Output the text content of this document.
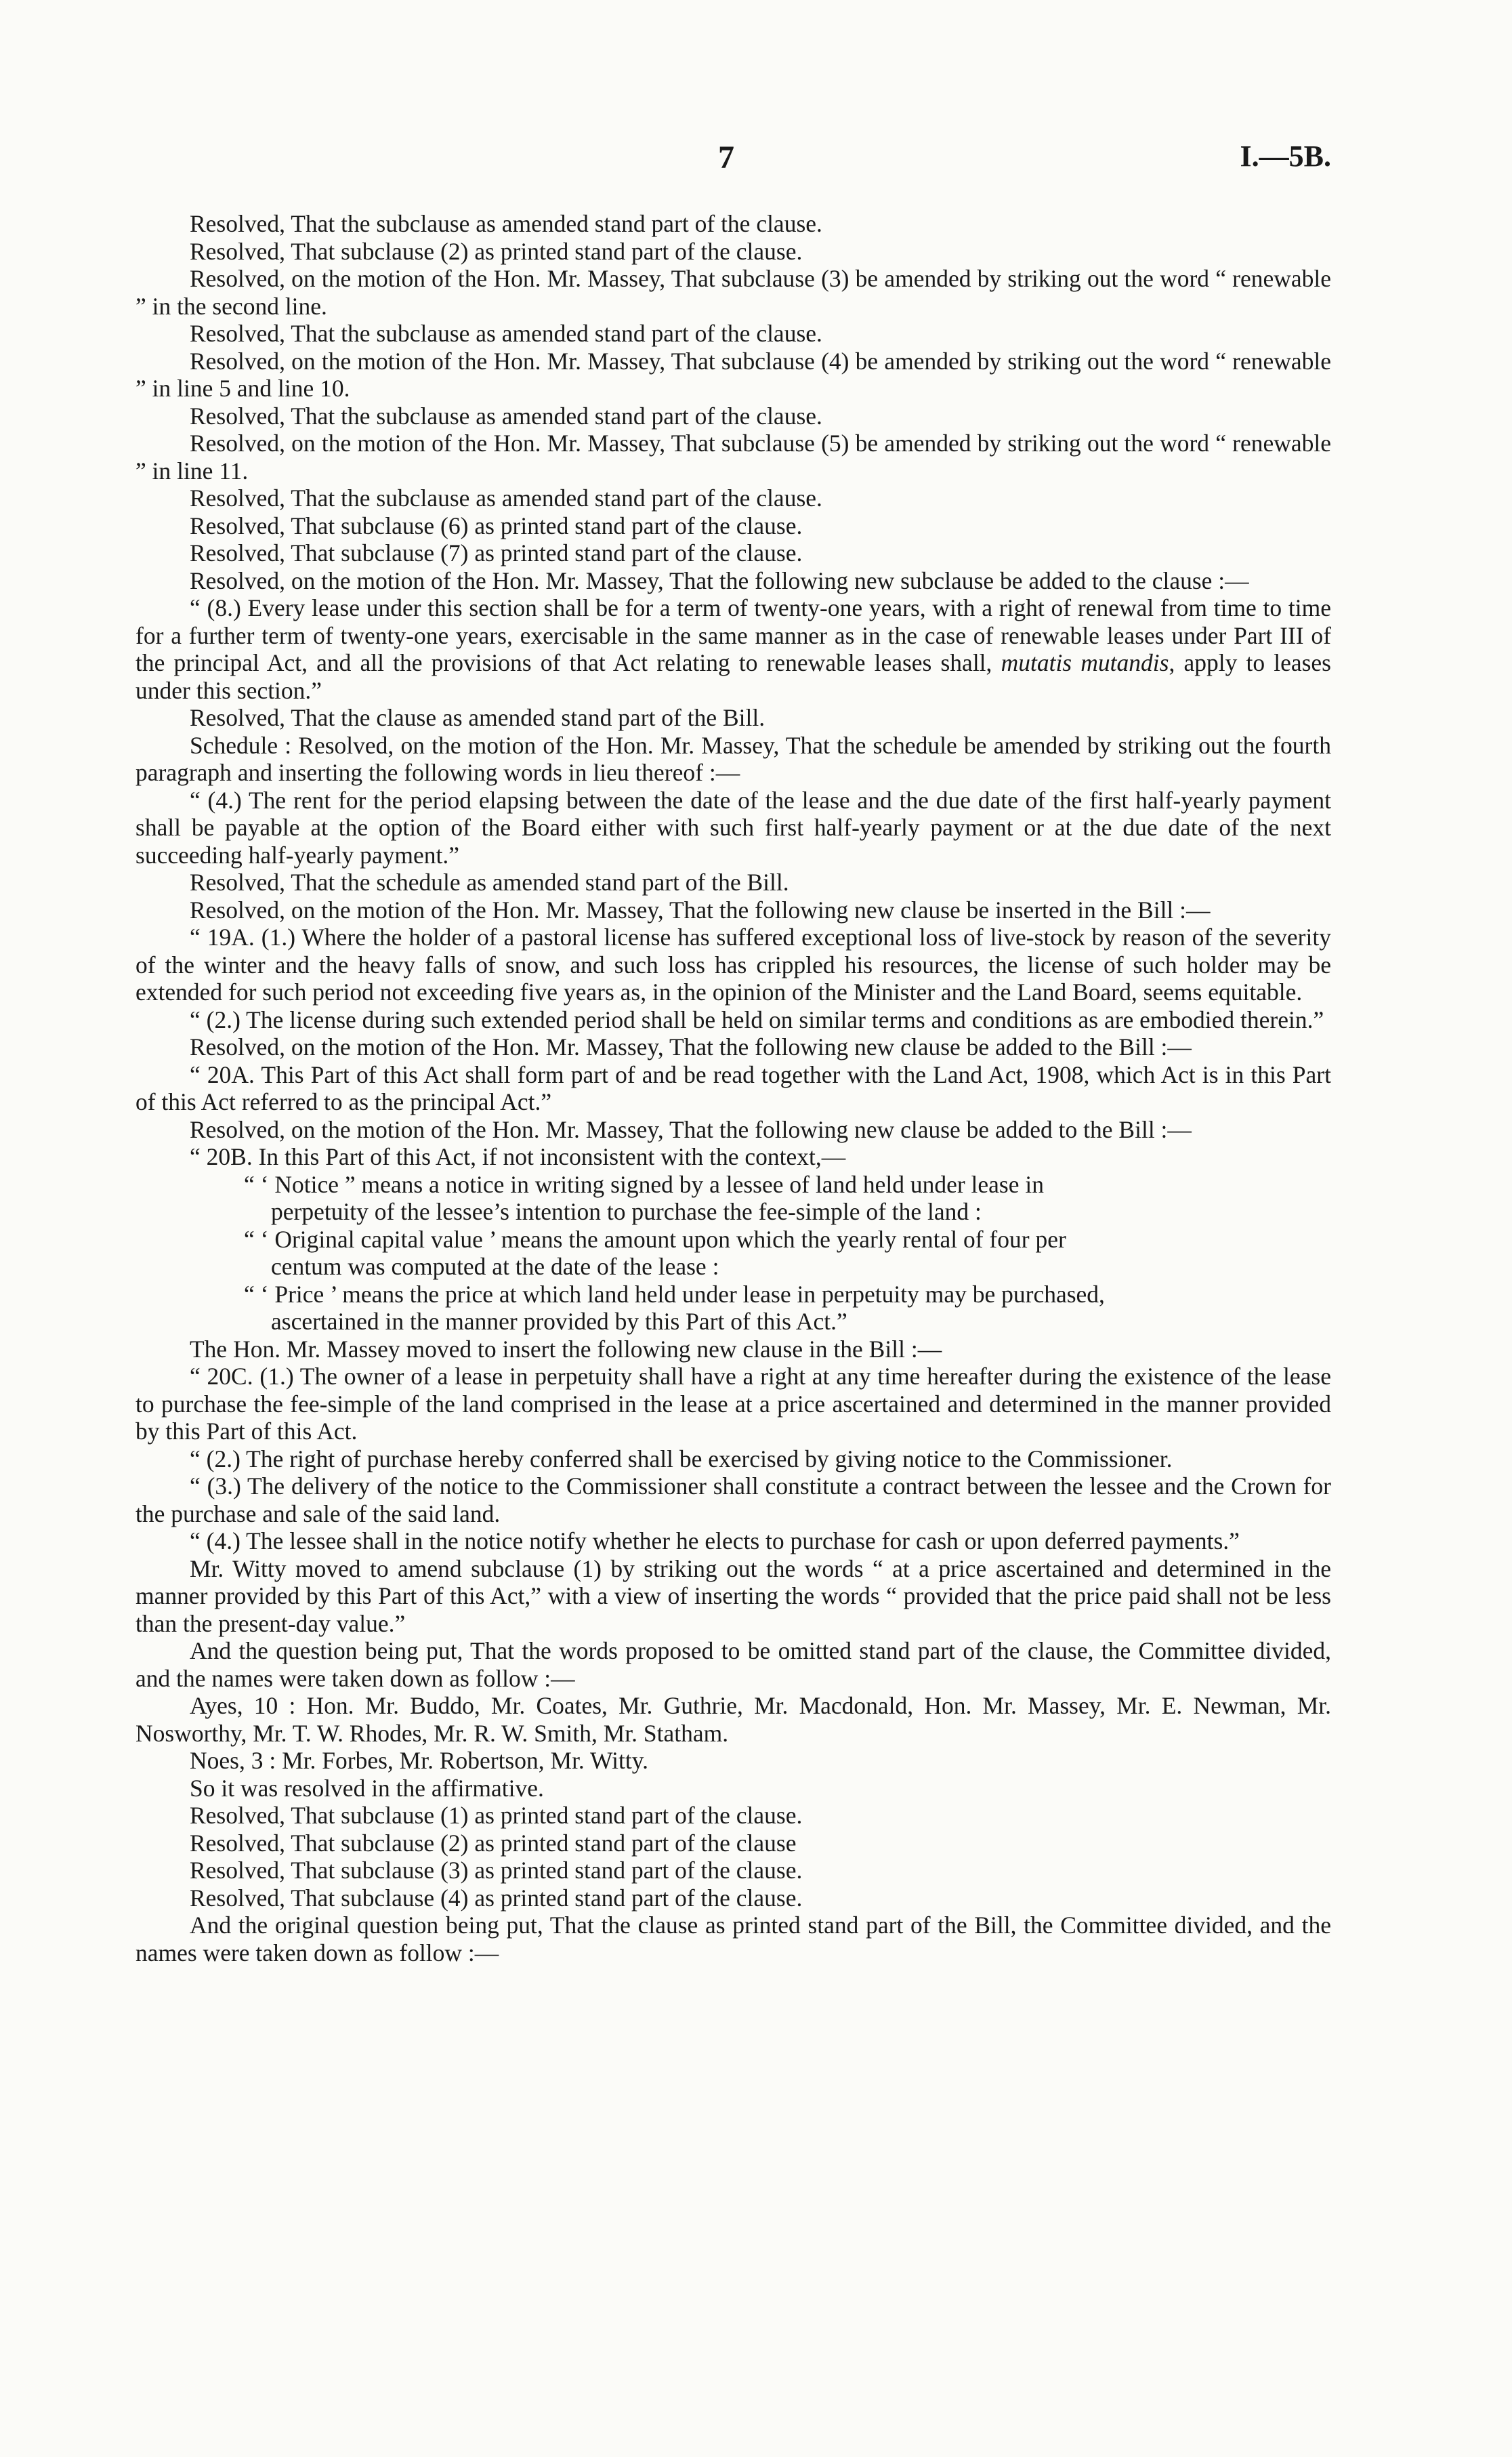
7	I.—5B.

Resolved, That the subclause as amended stand part of the clause.

Resolved, That subclause (2) as printed stand part of the clause.

Resolved, on the motion of the Hon. Mr. Massey, That subclause (3) be amended by striking out the word “ renewable ” in the second line.

Resolved, That the subclause as amended stand part of the clause.

Resolved, on the motion of the Hon. Mr. Massey, That subclause (4) be amended by striking out the word “ renewable ” in line 5 and line 10.

Resolved, That the subclause as amended stand part of the clause.

Resolved, on the motion of the Hon. Mr. Massey, That subclause (5) be amended by striking out the word “ renewable ” in line 11.

Resolved, That the subclause as amended stand part of the clause.

Resolved, That subclause (6) as printed stand part of the clause.

Resolved, That subclause (7) as printed stand part of the clause.

Resolved, on the motion of the Hon. Mr. Massey, That the following new subclause be added to the clause :—

“ (8.) Every lease under this section shall be for a term of twenty-one years, with a right of renewal from time to time for a further term of twenty-one years, exercisable in the same manner as in the case of renewable leases under Part III of the principal Act, and all the provisions of that Act relating to renewable leases shall, mutatis mutandis, apply to leases under this section.”

Resolved, That the clause as amended stand part of the Bill.

Schedule : Resolved, on the motion of the Hon. Mr. Massey, That the schedule be amended by striking out the fourth paragraph and inserting the following words in lieu thereof :—

“ (4.) The rent for the period elapsing between the date of the lease and the due date of the first half-yearly payment shall be payable at the option of the Board either with such first half-yearly payment or at the due date of the next succeeding half-yearly payment.”

Resolved, That the schedule as amended stand part of the Bill.

Resolved, on the motion of the Hon. Mr. Massey, That the following new clause be inserted in the Bill :—

“ 19A. (1.) Where the holder of a pastoral license has suffered exceptional loss of live-stock by reason of the severity of the winter and the heavy falls of snow, and such loss has crippled his resources, the license of such holder may be extended for such period not exceeding five years as, in the opinion of the Minister and the Land Board, seems equitable.

“ (2.) The license during such extended period shall be held on similar terms and conditions as are embodied therein.”

Resolved, on the motion of the Hon. Mr. Massey, That the following new clause be added to the Bill :—

“ 20A. This Part of this Act shall form part of and be read together with the Land Act, 1908, which Act is in this Part of this Act referred to as the principal Act.”

Resolved, on the motion of the Hon. Mr. Massey, That the following new clause be added to the Bill :—

“ 20B. In this Part of this Act, if not inconsistent with the context,—

“ ‘ Notice ” means a notice in writing signed by a lessee of land held under lease in

perpetuity of the lessee’s intention to purchase the fee-simple of the land :

“ ‘ Original capital value ’ means the amount upon which the yearly rental of four per

centum was computed at the date of the lease :

“ ‘ Price ’ means the price at which land held under lease in perpetuity may be purchased,

ascertained in the manner provided by this Part of this Act.”

The Hon. Mr. Massey moved to insert the following new clause in the Bill :—

“ 20C. (1.) The owner of a lease in perpetuity shall have a right at any time hereafter during the existence of the lease to purchase the fee-simple of the land comprised in the lease at a price ascertained and determined in the manner provided by this Part of this Act.

“ (2.) The right of purchase hereby conferred shall be exercised by giving notice to the Commissioner.

“ (3.) The delivery of the notice to the Commissioner shall constitute a contract between the lessee and the Crown for the purchase and sale of the said land.

“ (4.) The lessee shall in the notice notify whether he elects to purchase for cash or upon deferred payments.”

Mr. Witty moved to amend subclause (1) by striking out the words “ at a price ascertained and determined in the manner provided by this Part of this Act,” with a view of inserting the words “ provided that the price paid shall not be less than the present-day value.”

And the question being put, That the words proposed to be omitted stand part of the clause, the Committee divided, and the names were taken down as follow :—

Ayes, 10 : Hon. Mr. Buddo, Mr. Coates, Mr. Guthrie, Mr. Macdonald, Hon. Mr. Massey, Mr. E. Newman, Mr. Nosworthy, Mr. T. W. Rhodes, Mr. R. W. Smith, Mr. Statham.

Noes, 3 : Mr. Forbes, Mr. Robertson, Mr. Witty.

So it was resolved in the affirmative.

Resolved, That subclause (1) as printed stand part of the clause.

Resolved, That subclause (2) as printed stand part of the clause

Resolved, That subclause (3) as printed stand part of the clause.

Resolved, That subclause (4) as printed stand part of the clause.

And the original question being put, That the clause as printed stand part of the Bill, the Committee divided, and the names were taken down as follow :—
